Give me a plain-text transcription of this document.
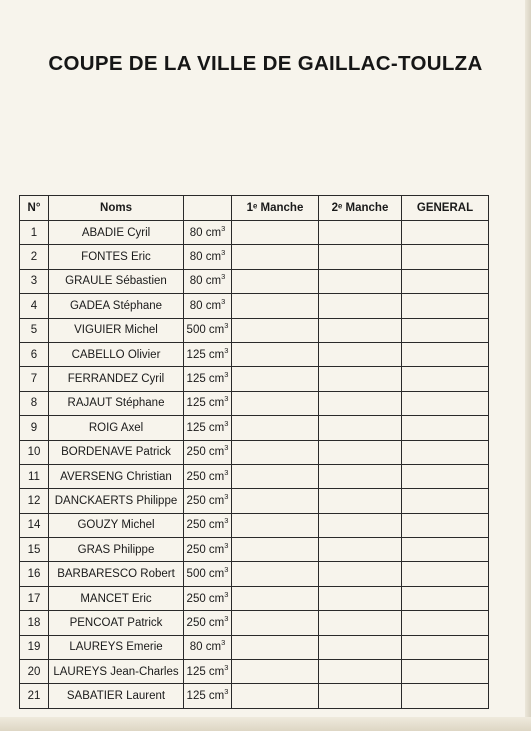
COUPE DE LA VILLE DE GAILLAC-TOULZA
N°	Noms		1ᵉ Manche	2ᵉ Manche	GENERAL
1	ABADIE Cyril	80 $cm^3$			
2	FONTES Eric	80 $cm^3$			
3	GRAULE Sébastien	80 $cm^3$			
4	GADEA Stéphane	80 $cm^3$			
5	VIGUIER Michel	500 $cm^3$			
6	CABELLO Olivier	125 $cm^3$			
7	FERRANDEZ Cyril	125 $cm^3$			
8	RAJAUT Stéphane	125 $cm^3$			
9	ROIG Axel	125 $cm^3$			
10	BORDENAVE Patrick	250 $cm^3$			
11	AVERSENG Christian	250 $cm^3$			
12	DANCKAERTS Philippe	250 $cm^3$			
14	GOUZY Michel	250 $cm^3$			
15	GRAS Philippe	250 $cm^3$			
16	BARBARESCO Robert	500 $cm^3$			
17	MANCET Eric	250 $cm^3$			
18	PENCOAT Patrick	250 $cm^3$			
19	LAUREYS Emerie	80 $cm^3$			
20	LAUREYS Jean-Charles	125 $cm^3$			
21	SABATIER Laurent	125 $cm^3$			
